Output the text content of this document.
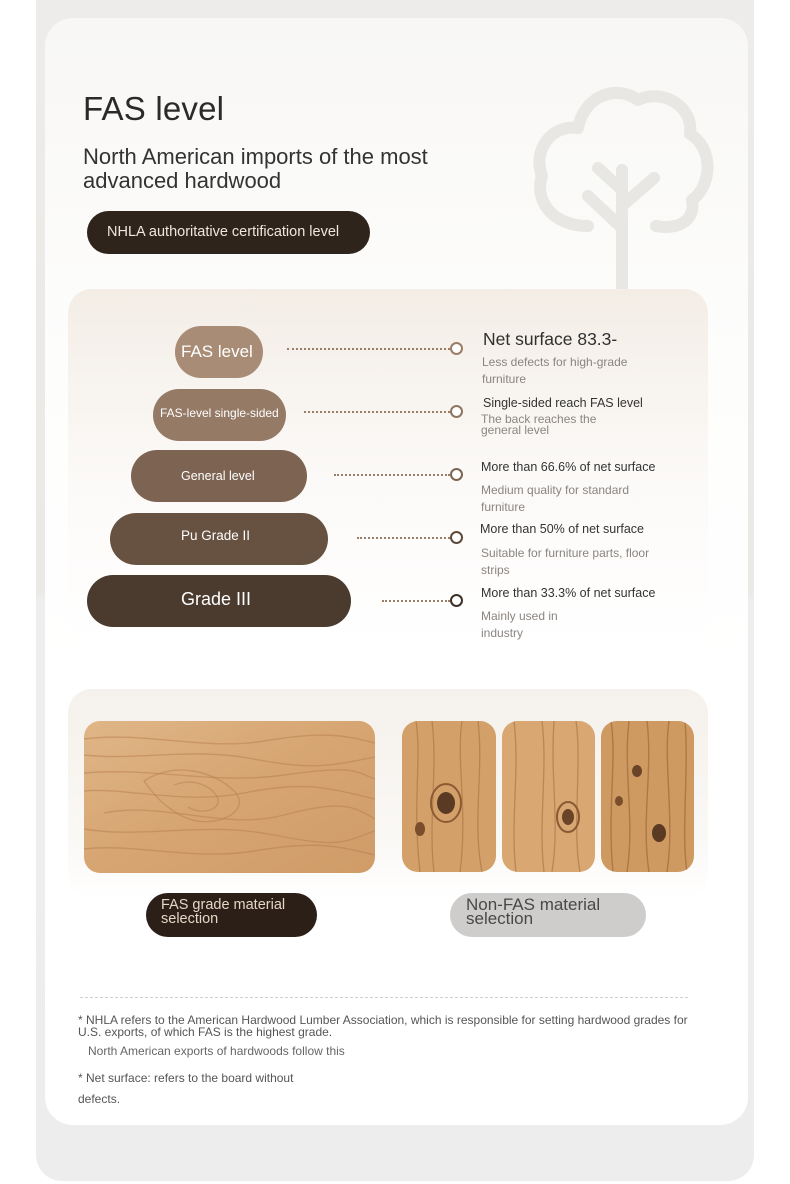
FAS level

North American imports of the most advanced hardwood

NHLA authoritative certification level
FAS level
FAS-level single-sided
General level
Pu Grade II
Grade III
Net surface 83.3-
Less defects for high-grade furniture
Single-sided reach FAS level
The back reaches the general level
More than 66.6% of net surface
Medium quality for standard furniture
More than 50% of net surface
Suitable for furniture parts, floor strips
More than 33.3% of net surface
Mainly used in industry
FAS grade material selection
Non-FAS material selection
* NHLA refers to the American Hardwood Lumber Association, which is responsible for setting hardwood grades for U.S. exports, of which FAS is the highest grade.
North American exports of hardwoods follow this
* Net surface: refers to the board without
defects.
